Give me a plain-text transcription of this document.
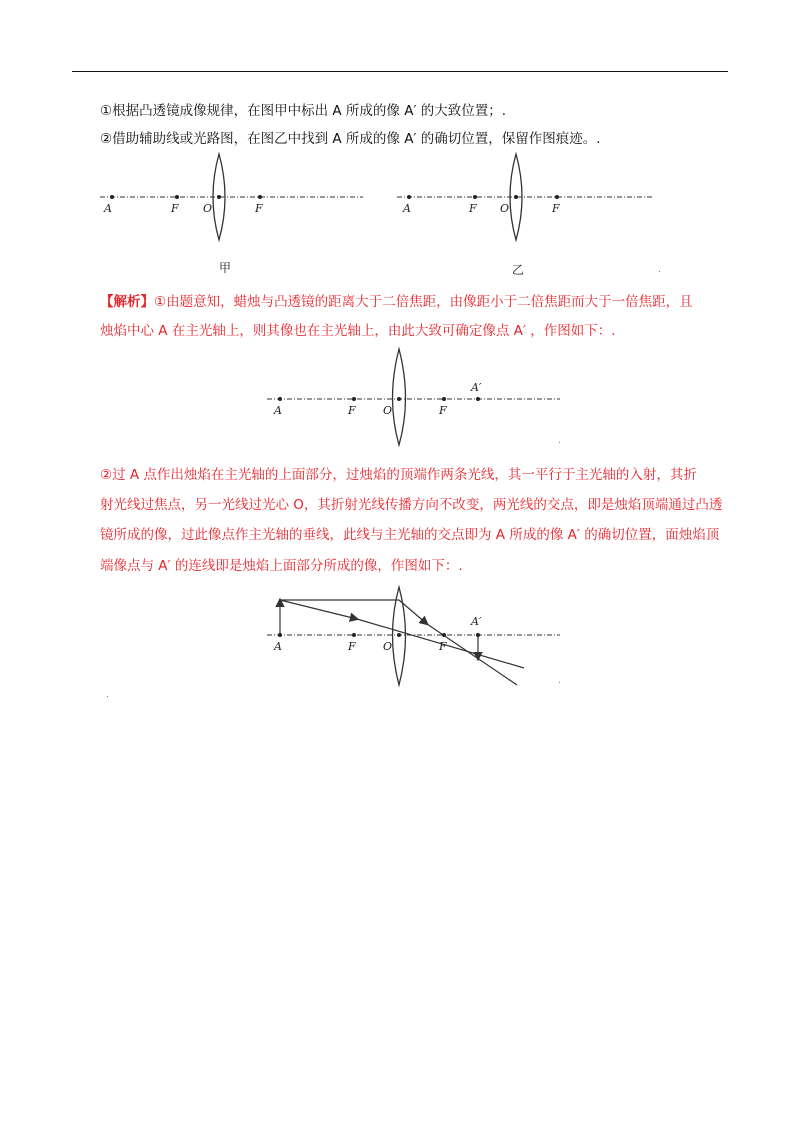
①根据凸透镜成像规律，在图甲中标出 A 所成的像 A′ 的大致位置；.
②借助辅助线或光路图，在图乙中找到 A 所成的像 A′ 的确切位置，保留作图痕迹。.
A	F O	F
甲
A	F O	F
乙	.
【解析】①由题意知，蜡烛与凸透镜的距离大于二倍焦距，由像距小于二倍焦距而大于一倍焦距，且
烛焰中心 A 在主光轴上，则其像也在主光轴上，由此大致可确定像点 A′ ，作图如下：.
A	F O	F
A′
.
②过 A 点作出烛焰在主光轴的上面部分，过烛焰的顶端作两条光线，其一平行于主光轴的入射，其折
射光线过焦点，另一光线过光心 O，其折射光线传播方向不改变，两光线的交点，即是烛焰顶端通过凸透
镜所成的像，过此像点作主光轴的垂线，此线与主光轴的交点即为 A 所成的像 A′ 的确切位置，面烛焰顶
端像点与 A′ 的连线即是烛焰上面部分所成的像，作图如下：.
A	F O	F
A′
.
.
